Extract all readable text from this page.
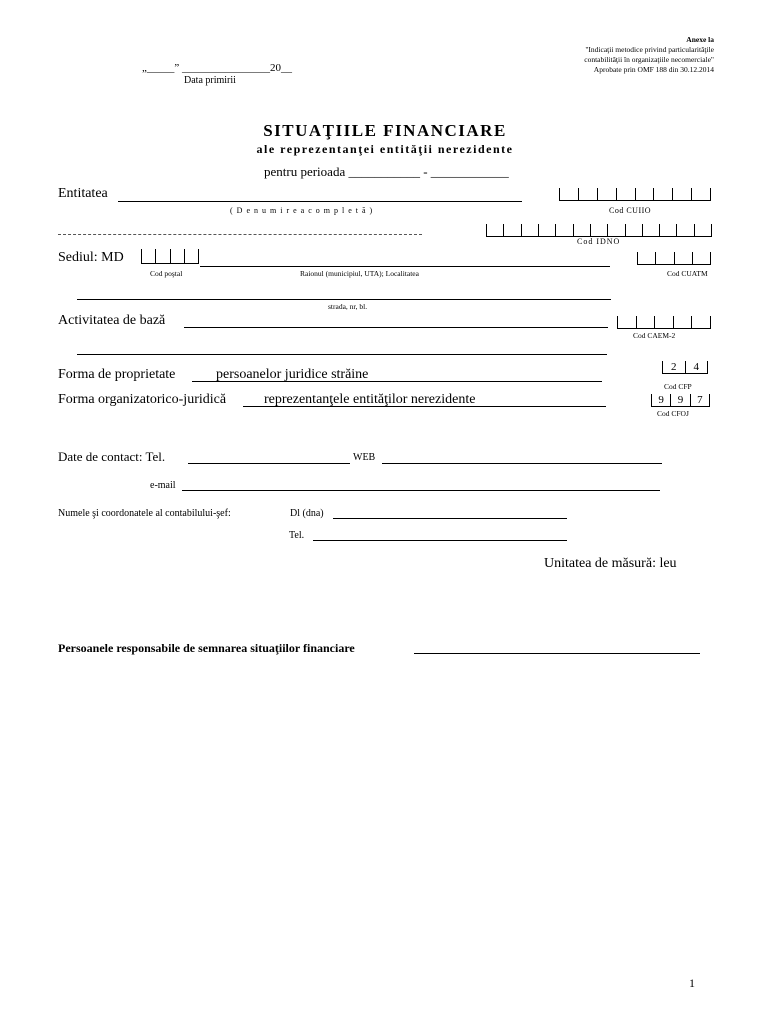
Anexe la
"Indicaţii metodice privind particularităţile
contabilităţii în organizaţiile necomerciale"
Aprobate prin OMF 188 din 30.12.2014
„_____” ________________20__
Data primirii
SITUAŢIILE FINANCIARE
ale reprezentanţei entităţii nerezidente
pentru perioada ___________ - ____________
Entitatea
( D e n u m i r e a c o m p l e t ă )	Cod CUIIO
Cod IDNO
Sediul: MD
Cod poştal	Raionul (municipiul, UTA); Localitatea	Cod CUATM
strada, nr, bl.
Activitatea de bază
Cod CAEM-2
Forma de proprietate	persoanelor juridice străine	2	4
Cod CFP
Forma organizatorico-juridică	reprezentanţele entităţilor nerezidente	9	9	7
Cod CFOJ
Date de contact: Tel.	WEB
e-mail
Numele şi coordonatele al contabilului-şef:	Dl (dna)
Tel.
Unitatea de măsură: leu
Persoanele responsabile de semnarea situaţiilor financiare
1
